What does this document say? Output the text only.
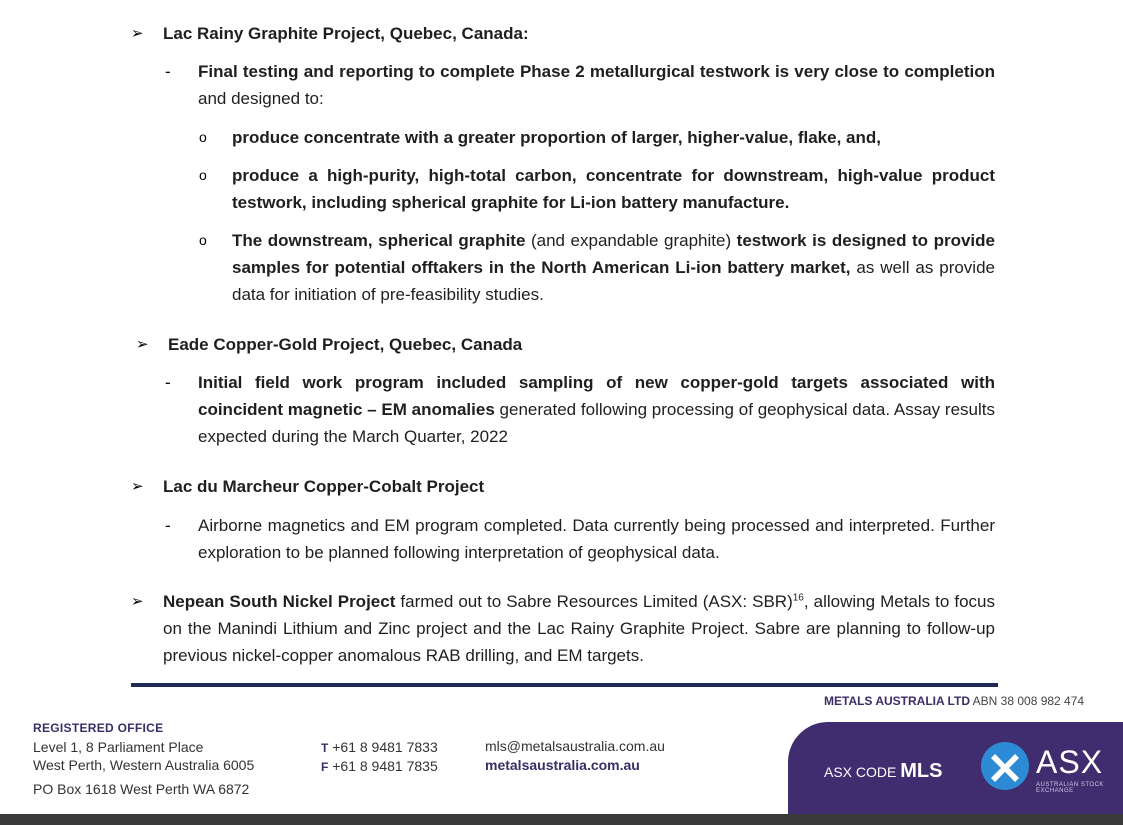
➢ Lac Rainy Graphite Project, Quebec, Canada:
- Final testing and reporting to complete Phase 2 metallurgical testwork is very close to completion and designed to:
o produce concentrate with a greater proportion of larger, higher-value, flake, and,
o produce a high-purity, high-total carbon, concentrate for downstream, high-value product testwork, including spherical graphite for Li-ion battery manufacture.
o The downstream, spherical graphite (and expandable graphite) testwork is designed to provide samples for potential offtakers in the North American Li-ion battery market, as well as provide data for initiation of pre-feasibility studies.
➢ Eade Copper-Gold Project, Quebec, Canada
- Initial field work program included sampling of new copper-gold targets associated with coincident magnetic – EM anomalies generated following processing of geophysical data. Assay results expected during the March Quarter, 2022
➢ Lac du Marcheur Copper-Cobalt Project
- Airborne magnetics and EM program completed. Data currently being processed and interpreted. Further exploration to be planned following interpretation of geophysical data.
➢ Nepean South Nickel Project farmed out to Sabre Resources Limited (ASX: SBR)$^{16}$, allowing Metals to focus on the Manindi Lithium and Zinc project and the Lac Rainy Graphite Project. Sabre are planning to follow-up previous nickel-copper anomalous RAB drilling, and EM targets.
METALS AUSTRALIA LTD ABN 38 008 982 474
REGISTERED OFFICE
Level 1, 8 Parliament Place
West Perth, Western Australia 6005
PO Box 1618 West Perth WA 6872
T +61 8 9481 7833
F +61 8 9481 7835
mls@metalsaustralia.com.au
metalsaustralia.com.au	ASX CODE MLS	ASX
AUSTRALIAN STOCK EXCHANGE
